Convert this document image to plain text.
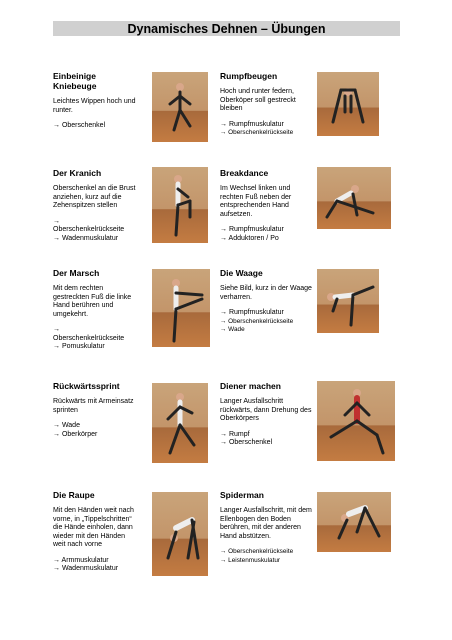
Dynamisches Dehnen – Übungen
Einbeinige Kniebeuge
Leichtes Wippen hoch und runter.
→ Oberschenkel
Rumpfbeugen
Hoch und runter federn, Oberköper soll gestreckt bleiben
→ Rumpfmuskulatur
→ Oberschenkelrückseite
Der Kranich
Oberschenkel an die Brust anziehen, kurz auf die Zehenspitzen stellen
→
Oberschenkelrückseite
→ Wadenmuskulatur
Breakdance
Im Wechsel linken und rechten Fuß neben der entsprechenden Hand aufsetzen.
→ Rumpfmuskulatur
→ Adduktoren / Po
Der Marsch
Mit dem rechten gestreckten Fuß die linke Hand berühren und umgekehrt.
→
Oberschenkelrückseite
→ Pomuskulatur
Die Waage
Siehe Bild, kurz in der Waage verharren.
→ Rumpfmuskulatur
→ Oberschenkelrückseite
→ Wade
Rückwärtssprint
Rückwärts mit Armeinsatz sprinten
→ Wade
→ Oberkörper
Diener machen
Langer Ausfallschritt rückwärts, dann Drehung des Oberkörpers
→ Rumpf
→ Oberschenkel
Die Raupe
Mit den Händen weit nach vorne, in „Tippelschritten“ die Hände einholen, dann wieder mit den Händen weit nach vorne
→ Armmuskulatur
→ Wadenmuskulatur
Spiderman
Langer Ausfallschritt, mit dem Ellenbogen den Boden berühren, mit der anderen Hand abstützen.
→ Oberschenkelrückseite
→ Leistenmuskulatur
